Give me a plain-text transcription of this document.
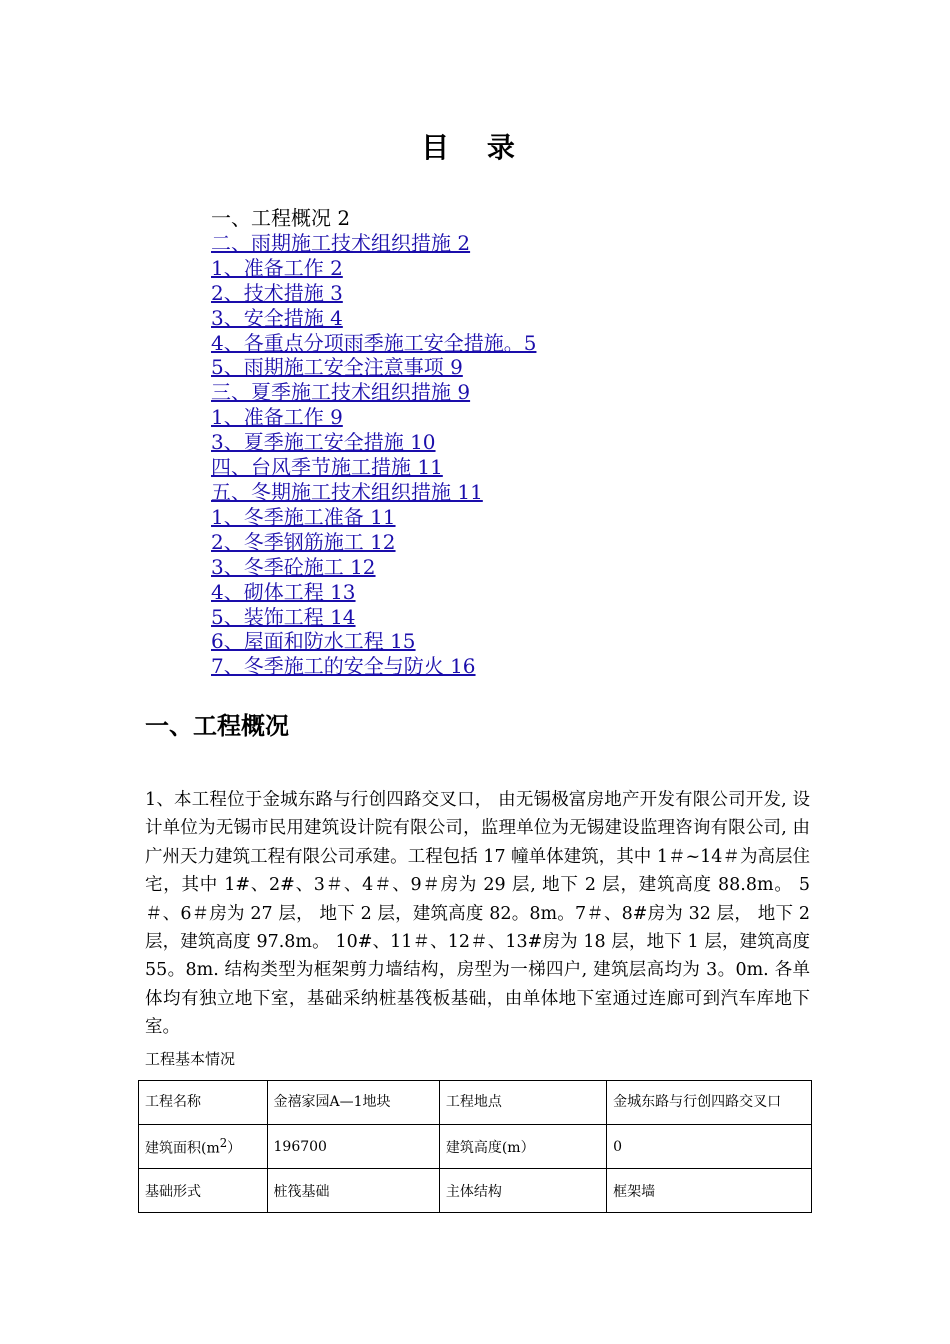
目 录
一、工程概况 2
二、雨期施工技术组织措施 2
1、准备工作 2
2、技术措施 3
3、安全措施 4
4、各重点分项雨季施工安全措施。5
5、雨期施工安全注意事项 9
三、夏季施工技术组织措施 9
1、准备工作 9
3、夏季施工安全措施 10
四、台风季节施工措施 11
五、冬期施工技术组织措施 11
1、冬季施工准备 11
2、冬季钢筋施工 12
3、冬季砼施工 12
4、砌体工程 13
5、装饰工程 14
6、屋面和防水工程 15
7、冬季施工的安全与防火 16
一、工程概况

1、本工程位于金城东路与行创四路交叉口， 由无锡极富房地产开发有限公司开发, 设计单位为无锡市民用建筑设计院有限公司，监理单位为无锡建设监理咨询有限公司, 由广州天力建筑工程有限公司承建。工程包括 17 幢单体建筑，其中 1＃~14＃为高层住宅，其中 1#、2#、3＃、4＃、9＃房为 29 层, 地下 2 层，建筑高度 88.8m。 5＃、6＃房为 27 层， 地下 2 层，建筑高度 82。8m。7＃、8#房为 32 层， 地下 2 层，建筑高度 97.8m。 10#、11＃、12＃、13#房为 18 层，地下 1 层，建筑高度 55。8m. 结构类型为框架剪力墙结构，房型为一梯四户, 建筑层高均为 3。0m. 各单体均有独立地下室，基础采纳桩基筏板基础，由单体地下室通过连廊可到汽车库地下室。

工程基本情况
工程名称	金禧家园A—1地块	工程地点	金城东路与行创四路交叉口
建筑面积$(m^2)$	196700	建筑高度(m）	0
基础形式	桩筏基础	主体结构	框架墙
